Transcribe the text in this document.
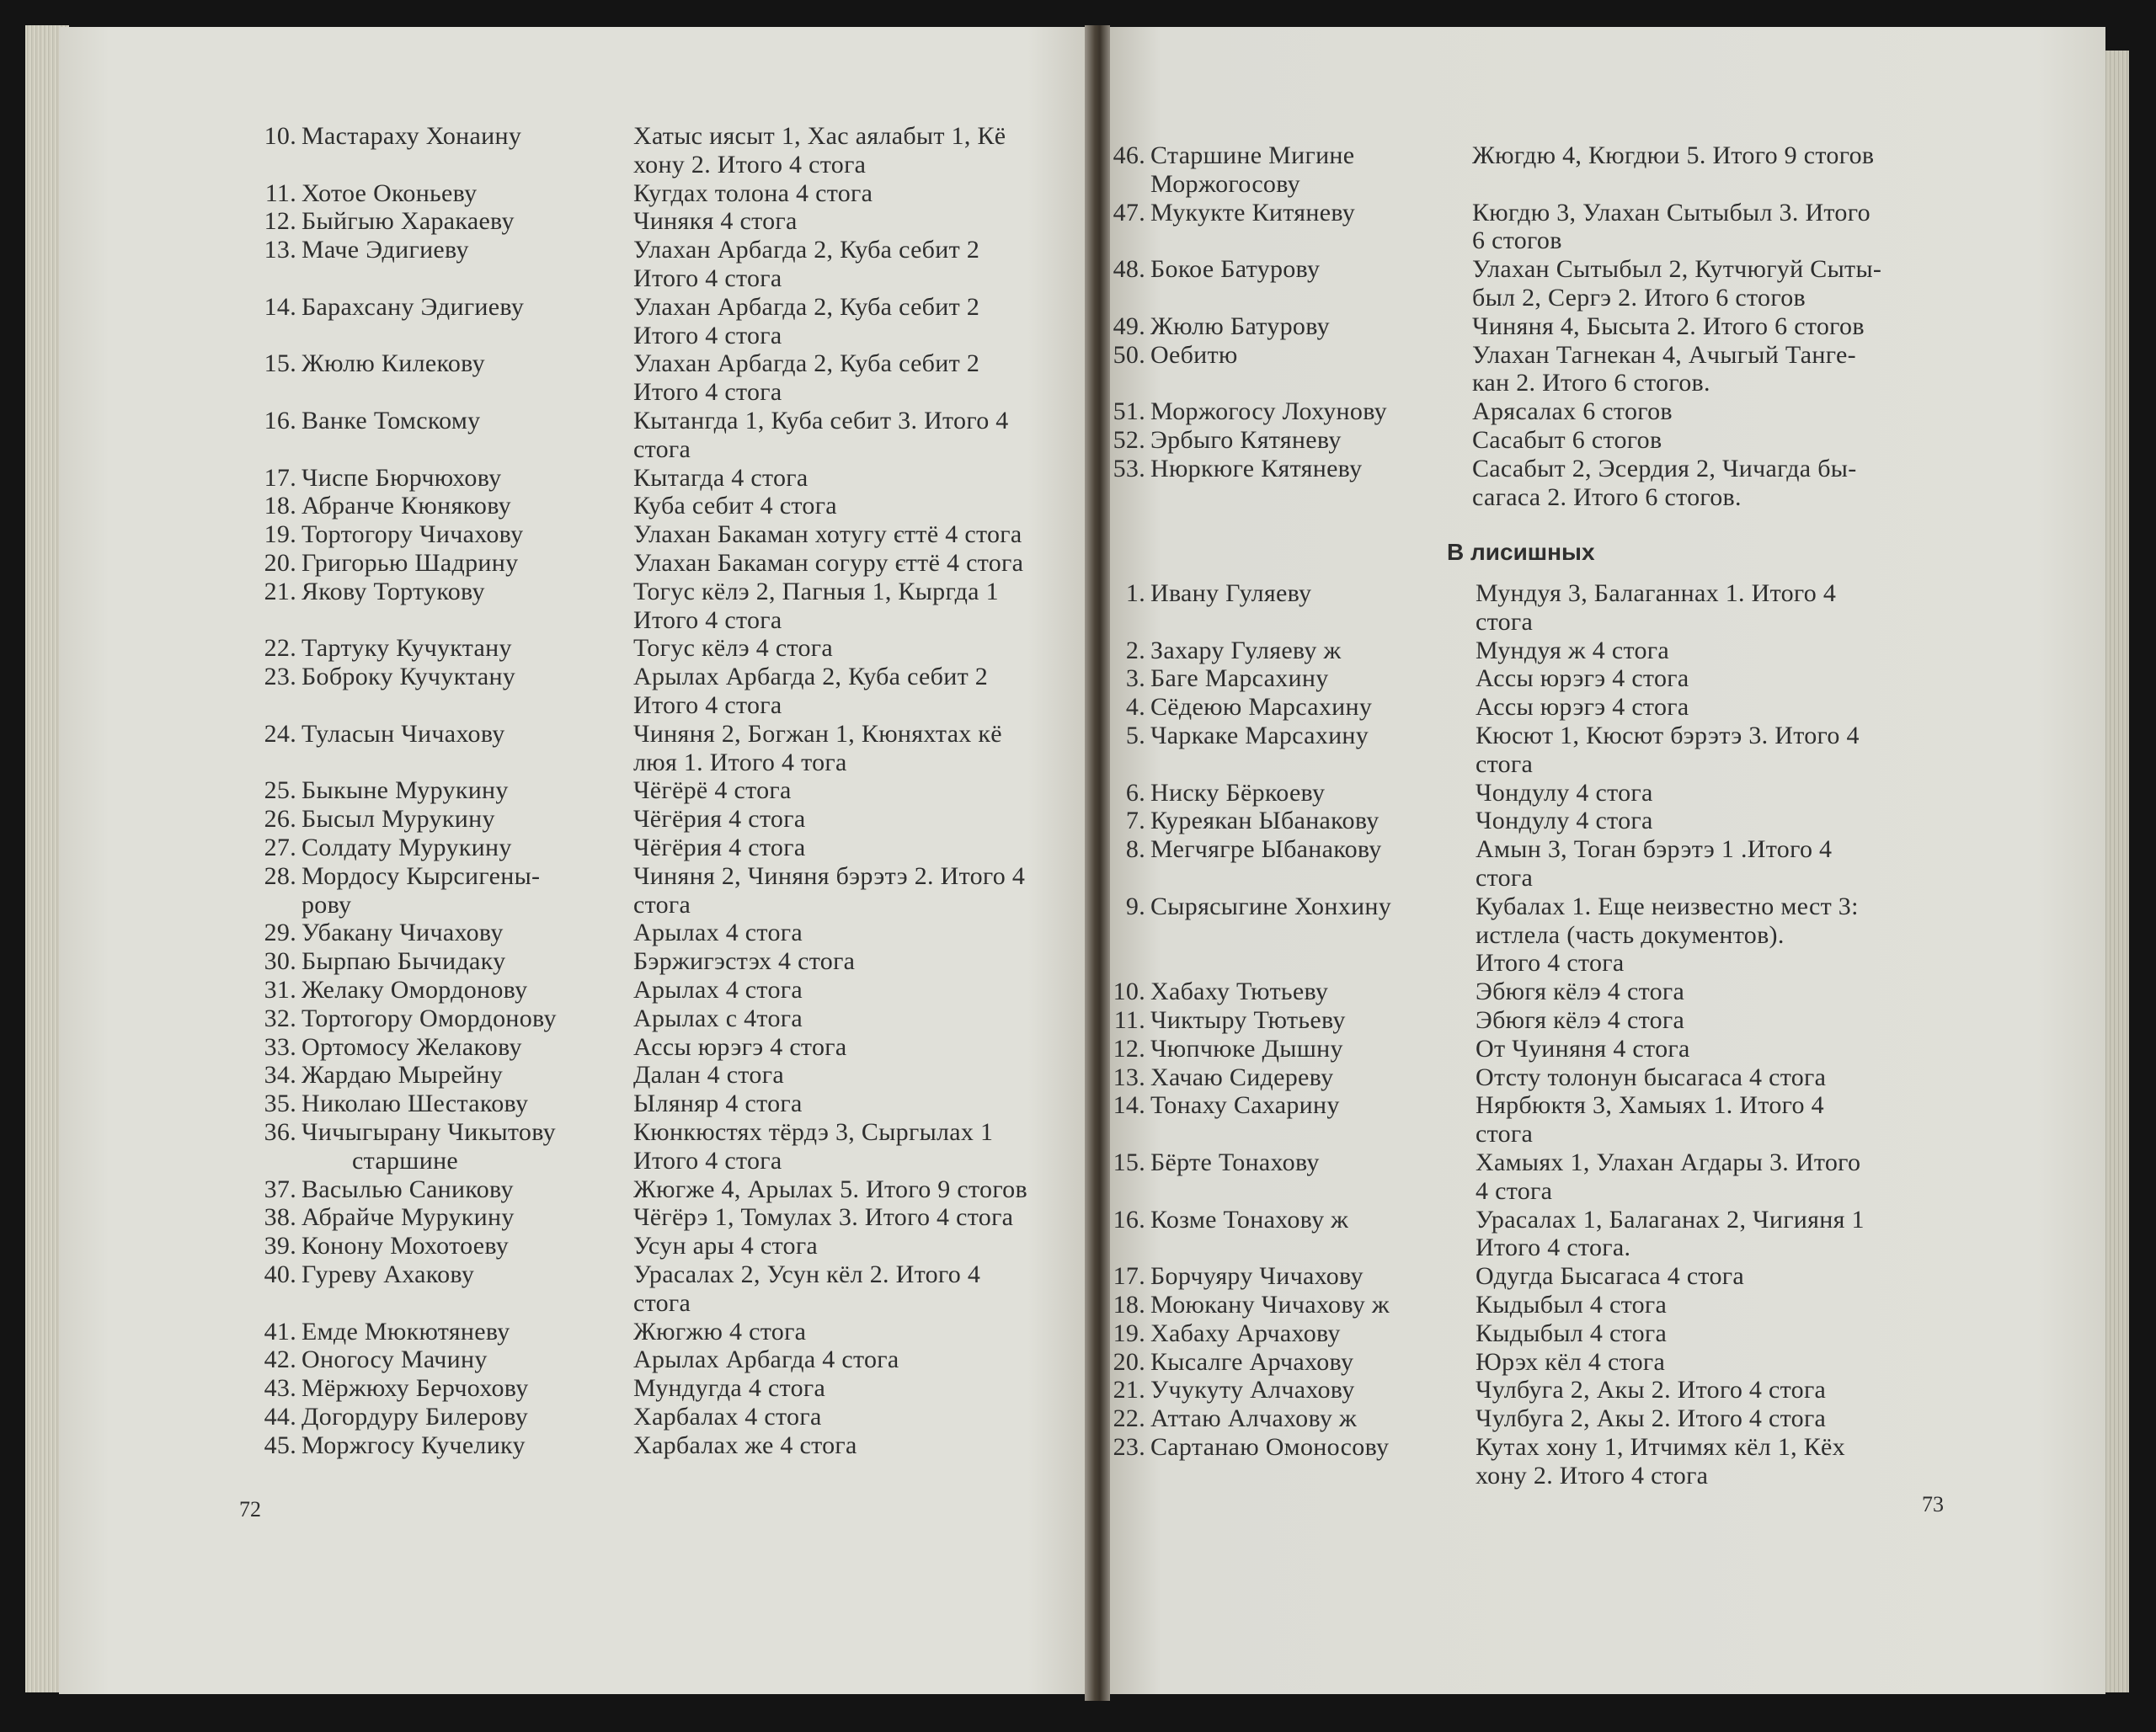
10. Мастараху Хонаину	Хатыс иясыт 1, Хас аялабыт 1, Кё
хону 2. Итого 4 стога
11. Хотое Оконьеву	Кугдах толона 4 стога
12. Быйгыю Харакаеву	Чинякя 4 стога
13. Маче Эдигиеву	Улахан Арбагда 2, Куба себит 2
Итого 4 стога
14. Барахсану Эдигиеву	Улахан Арбагда 2, Куба себит 2
Итого 4 стога
15. Жюлю Килекову	Улахан Арбагда 2, Куба себит 2
Итого 4 стога
16. Ванке Томскому	Кытангда 1, Куба себит 3. Итого 4
стога
17. Чиспе Бюрчюхову	Кытагда 4 стога
18. Абранче Кюнякову	Куба себит 4 стога
19. Тортогору Чичахову	Улахан Бакаман хотугу єттё 4 стога
20. Григорью Шадрину	Улахан Бакаман согуру єттё 4 стога
21. Якову Тортукову	Тогус кёлэ 2, Пагныя 1, Кыргда 1
Итого 4 стога
22. Тартуку Кучуктану	Тогус кёлэ 4 стога
23. Боброку Кучуктану	Арылах Арбагда 2, Куба себит 2
Итого 4 стога
24. Туласын Чичахову	Чиняня 2, Богжан 1, Кюняхтах кё
люя 1. Итого 4 тога
25. Быкыне Мурукину	Чёгёрё 4 стога
26. Бысыл Мурукину	Чёгёрия 4 стога
27. Солдату Мурукину	Чёгёрия 4 стога
28. Мордосу Кырсигены-	Чиняня 2, Чиняня бэрэтэ 2. Итого 4
рову	стога
29. Убакану Чичахову	Арылах 4 стога
30. Бырпаю Бычидаку	Бэржигэстэх 4 стога
31. Желаку Омордонову	Арылах 4 стога
32. Тортогору Омордонову	Арылах с 4тога
33. Ортомосу Желакову	Ассы юрэгэ 4 стога
34. Жардаю Мырейну	Далан 4 стога
35. Николаю Шестакову	Ыляняр 4 стога
36. Чичыгырану Чикытову	Кюнкюстях тёрдэ 3, Сыргылах 1
старшине	Итого 4 стога
37. Васылью Саникову	Жюгже 4, Арылах 5. Итого 9 стогов
38. Абрайче Мурукину	Чёгёрэ 1, Томулах 3. Итого 4 стога
39. Конону Мохотоеву	Усун ары 4 стога
40. Гуреву Ахакову	Урасалах 2, Усун кёл 2. Итого 4
стога
41. Емде Мюкютяневу	Жюгжю 4 стога
42. Оногосу Мачину	Арылах Арбагда 4 стога
43. Мёржюху Берчохову	Мундугда 4 стога
44. Догордуру Билерову	Харбалах 4 стога
45. Моржгосу Кучелику	Харбалах же 4 стога
46. Старшине Мигине	Жюгдю 4, Кюгдюи 5. Итого 9 стогов
Моржогосову
47. Мукукте Китяневу	Кюгдю 3, Улахан Сытыбыл 3. Итого
6 стогов
48. Бокое Батурову	Улахан Сытыбыл 2, Кутчюгуй Сыты-
был 2, Сергэ 2. Итого 6 стогов
49. Жюлю Батурову	Чиняня 4, Бысыта 2. Итого 6 стогов
50. Оебитю	Улахан Тагнекан 4, Ачыгый Танге-
кан 2. Итого 6 стогов.
51. Моржогосу Лохунову	Арясалах 6 стогов
52. Эрбыго Кятяневу	Сасабыт 6 стогов
53. Нюркюге Кятяневу	Сасабыт 2, Эсердия 2, Чичагда бы-
сагаса 2. Итого 6 стогов.
1. Ивану Гуляеву	Мундуя 3, Балаганнах 1. Итого 4
стога
2. Захару Гуляеву ж	Мундуя ж 4 стога
3. Баге Марсахину	Ассы юрэгэ 4 стога
4. Сёдеюю Марсахину	Ассы юрэгэ 4 стога
5. Чаркаке Марсахину	Кюсют 1, Кюсют бэрэтэ 3. Итого 4
стога
6. Ниску Бёркоеву	Чондулу 4 стога
7. Куреякан Ыбанакову	Чондулу 4 стога
8. Мегчягре Ыбанакову	Амын 3, Тоган бэрэтэ 1 .Итого 4
стога
9. Сырясыгине Хонхину	Кубалах 1. Еще неизвестно мест 3:
истлела (часть документов).
Итого 4 стога
10. Хабаху Тютьеву	Эбюгя кёлэ 4 стога
11. Чиктыру Тютьеву	Эбюгя кёлэ 4 стога
12. Чюпчюке Дышну	От Чуиняня 4 стога
13. Хачаю Сидереву	Отсту толонун бысагаса 4 стога
14. Тонаху Сахарину	Нярбюктя 3, Хамыях 1. Итого 4
стога
15. Бёрте Тонахову	Хамыях 1, Улахан Агдары 3. Итого
4 стога
16. Козме Тонахову ж	Урасалах 1, Балаганах 2, Чигияня 1
Итого 4 стога.
17. Борчуяру Чичахову	Одугда Бысагаса 4 стога
18. Моюкану Чичахову ж	Кыдыбыл 4 стога
19. Хабаху Арчахову	Кыдыбыл 4 стога
20. Кысалге Арчахову	Юрэх кёл 4 стога
21. Учукуту Алчахову	Чулбуга 2, Акы 2. Итого 4 стога
22. Аттаю Алчахову ж	Чулбуга 2, Акы 2. Итого 4 стога
23. Сартанаю Омоносову	Кутах хону 1, Итчимях кёл 1, Кёх
хону 2. Итого 4 стога
72	73
В лисишных
